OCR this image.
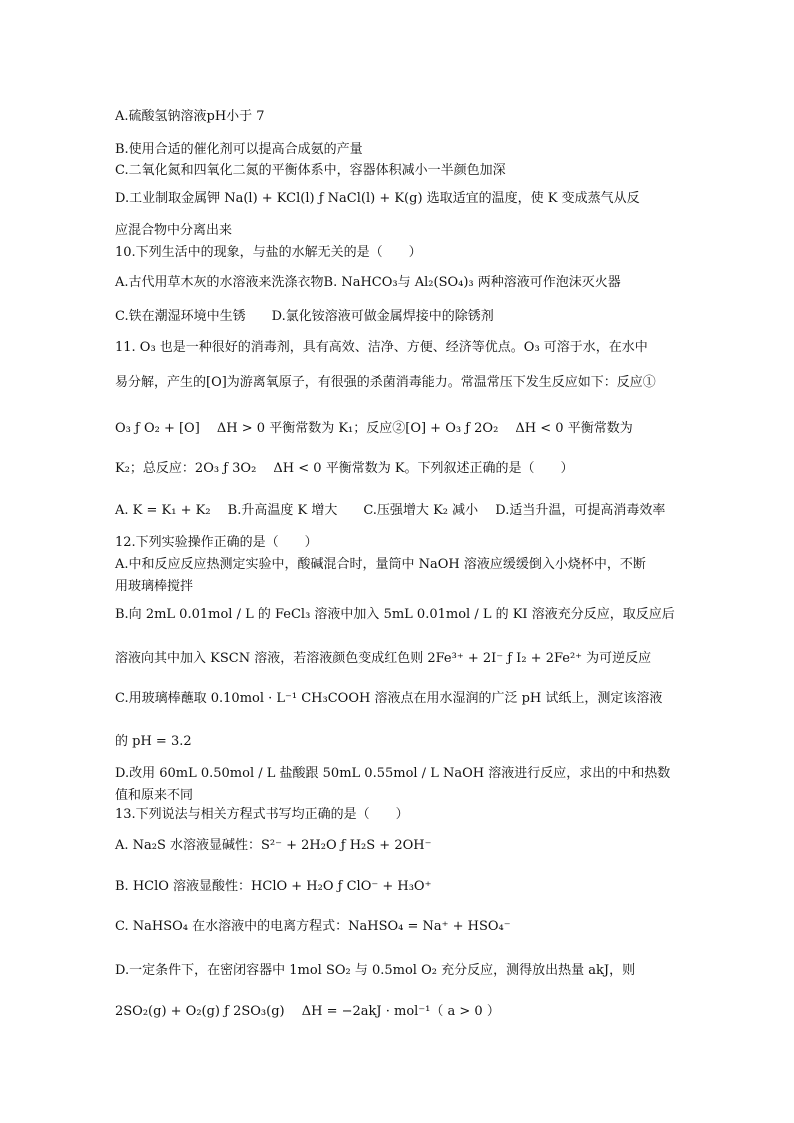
A.硫酸氢钠溶液pH小于 7
B.使用合适的催化剂可以提高合成氨的产量
C.二氧化氮和四氧化二氮的平衡体系中，容器体积减小一半颜色加深
D.工业制取金属钾 Na(l) + KCl(l) ƒ NaCl(l) + K(g) 选取适宜的温度，使 K 变成蒸气从反
应混合物中分离出来
10.下列生活中的现象，与盐的水解无关的是（　　）
A.古代用草木灰的水溶液来洗涤衣物B. NaHCO₃与 Al₂(SO₄)₃ 两种溶液可作泡沫灭火器
C.铁在潮湿环境中生锈　　D.氯化铵溶液可做金属焊接中的除锈剂
11. O₃ 也是一种很好的消毒剂，具有高效、洁净、方便、经济等优点。O₃ 可溶于水，在水中
易分解，产生的[O]为游离氧原子，有很强的杀菌消毒能力。常温常压下发生反应如下：反应①
O₃ ƒ O₂ + [O]　 ΔH > 0 平衡常数为 K₁；反应②[O] + O₃ ƒ 2O₂　 ΔH < 0 平衡常数为
K₂；总反应：2O₃ ƒ 3O₂　 ΔH < 0 平衡常数为 K。下列叙述正确的是（　　）
A. K = K₁ + K₂　 B.升高温度 K 增大　　C.压强增大 K₂ 减小　 D.适当升温，可提高消毒效率
12.下列实验操作正确的是（　　）
A.中和反应反应热测定实验中，酸碱混合时，量筒中 NaOH 溶液应缓缓倒入小烧杯中，不断
用玻璃棒搅拌
B.向 2mL 0.01mol / L 的 FeCl₃ 溶液中加入 5mL 0.01mol / L 的 KI 溶液充分反应，取反应后
溶液向其中加入 KSCN 溶液，若溶液颜色变成红色则 2Fe³⁺ + 2I⁻ ƒ I₂ + 2Fe²⁺ 为可逆反应
C.用玻璃棒蘸取 0.10mol · L⁻¹ CH₃COOH 溶液点在用水湿润的广泛 pH 试纸上，测定该溶液
的 pH = 3.2
D.改用 60mL 0.50mol / L 盐酸跟 50mL 0.55mol / L NaOH 溶液进行反应，求出的中和热数
值和原来不同
13.下列说法与相关方程式书写均正确的是（　　）
A. Na₂S 水溶液显碱性：S²⁻ + 2H₂O ƒ H₂S + 2OH⁻
B. HClO 溶液显酸性：HClO + H₂O ƒ ClO⁻ + H₃O⁺
C. NaHSO₄ 在水溶液中的电离方程式：NaHSO₄ = Na⁺ + HSO₄⁻
D.一定条件下，在密闭容器中 1mol SO₂ 与 0.5mol O₂ 充分反应，测得放出热量 akJ，则
2SO₂(g) + O₂(g) ƒ 2SO₃(g)　 ΔH = −2akJ · mol⁻¹（ a > 0 ）
